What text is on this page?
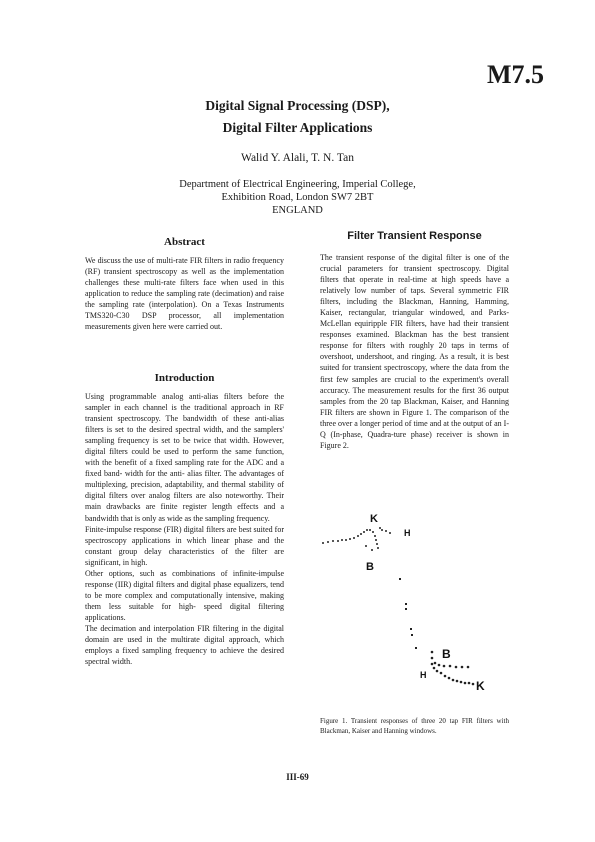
M7.5
Digital Signal Processing (DSP),
Digital Filter Applications
Walid Y. Alali, T. N. Tan
Department of Electrical Engineering, Imperial College,
Exhibition Road, London SW7 2BT
ENGLAND
Abstract

We discuss the use of multi-rate FIR filters in radio frequency (RF) transient spectroscopy as well as the implementation challenges these multi-rate filters face when used in this application to reduce the sampling rate (decimation) and raise the sampling rate (interpolation). On a Texas Instruments TMS320-C30 DSP processor, all implementation measurements given here were carried out.

Introduction

Using programmable analog anti-alias filters before the sampler in each channel is the traditional approach in RF transient spectroscopy. The bandwidth of these anti-alias filters is set to the desired spectral width, and the samplers' sampling frequency is set to be twice that width. However, digital filters could be used to perform the same function, with the benefit of a fixed sampling rate for the ADC and a fixed band- width for the anti- alias filter. The advantages of multiplexing, precision, adaptability, and thermal stability of digital filters over analog filters are also noteworthy. Their main drawbacks are finite register length effects and a bandwidth that is only as wide as the sampling frequency.

Finite-impulse response (FIR) digital filters are best suited for spectroscopy applications in which linear phase and the constant group delay characteristics of the filter are significant, in high.

Other options, such as combinations of infinite-impulse response (IIR) digital filters and digital phase equalizers, tend to be more complex and computationally intensive, making them less suitable for high- speed digital filtering applications.

The decimation and interpolation FIR filtering in the digital domain are used in the multirate digital approach, which employs a fixed sampling frequency to achieve the desired spectral width.

Filter Transient Response

The transient response of the digital filter is one of the crucial parameters for transient spectroscopy. Digital filters that operate in real-time at high speeds have a relatively low number of taps. Several symmetric FIR filters, including the Blackman, Hanning, Hamming, Kaiser, rectangular, triangular windowed, and Parks-McLellan equiripple FIR filters, have had their transient responses examined. Blackman has the best transient response for filters with roughly 20 taps in terms of overshoot, undershoot, and ringing. As a result, it is best suited for transient spectroscopy, where the data from the first few samples are crucial to the experiment's overall accuracy. The measurement results for the first 36 output samples from the 20 tap Blackman, Kaiser, and Hanning FIR filters are shown in Figure 1. The comparison of the three over a longer period of time and at the output of an I-Q (In-phase, Quadra-ture phase) receiver is shown in Figure 2.

K
H
B
B
H
K
Figure 1. Transient responses of three 20 tap FIR filters with Blackman, Kaiser and Hanning windows.
III-69
